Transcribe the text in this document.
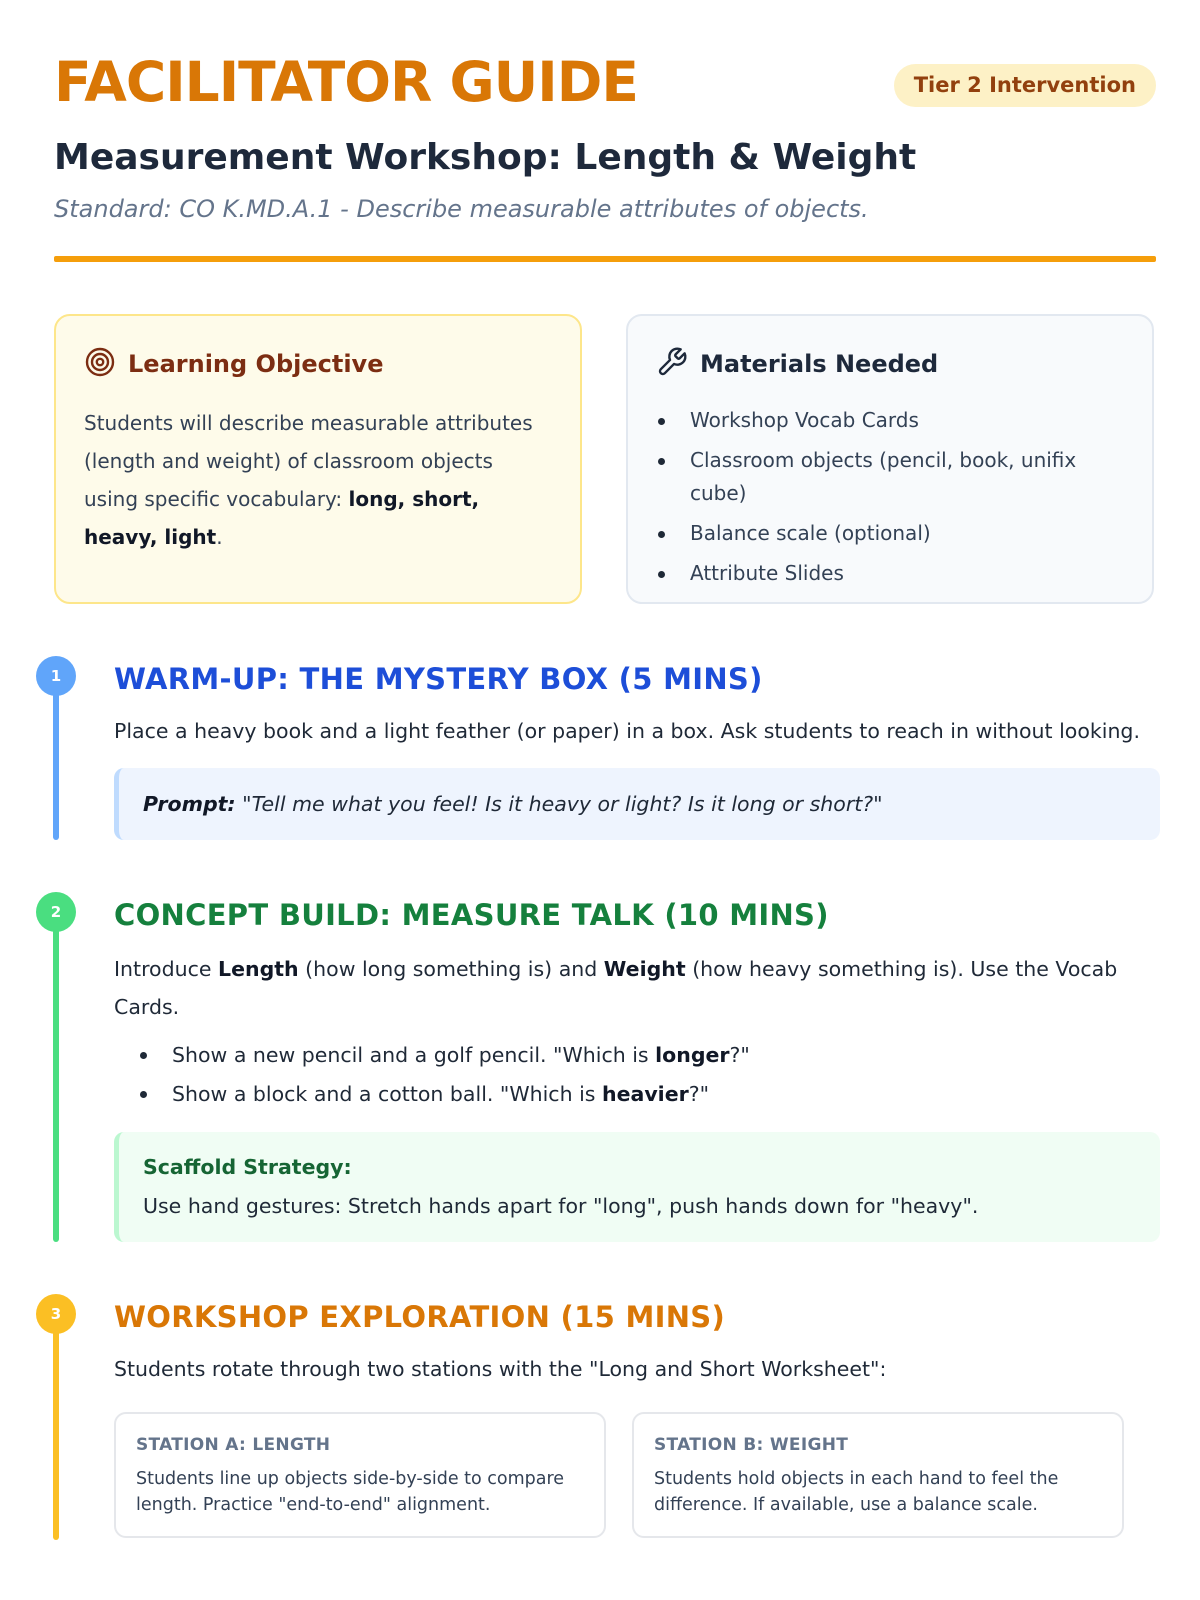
FACILITATOR GUIDE	Tier 2 Intervention
Measurement Workshop: Length & Weight
Standard: CO K.MD.A.1 - Describe measurable attributes of objects.
Learning Objective
Students will describe measurable attributes (length and weight) of classroom objects using specific vocabulary: long, short, heavy, light.
Materials Needed
Workshop Vocab Cards
Classroom objects (pencil, book, unifix cube)
Balance scale (optional)
Attribute Slides
1	WARM-UP: THE MYSTERY BOX (5 MINS)
Place a heavy book and a light feather (or paper) in a box. Ask students to reach in without looking.
Prompt: "Tell me what you feel! Is it heavy or light? Is it long or short?"
2	CONCEPT BUILD: MEASURE TALK (10 MINS)
Introduce Length (how long something is) and Weight (how heavy something is). Use the Vocab Cards.
Show a new pencil and a golf pencil. "Which is longer?"
Show a block and a cotton ball. "Which is heavier?"
Scaffold Strategy:
Use hand gestures: Stretch hands apart for "long", push hands down for "heavy".
3	WORKSHOP EXPLORATION (15 MINS)
Students rotate through two stations with the "Long and Short Worksheet":
STATION A: LENGTH
Students line up objects side-by-side to compare length. Practice "end-to-end" alignment.
STATION B: WEIGHT
Students hold objects in each hand to feel the difference. If available, use a balance scale.
